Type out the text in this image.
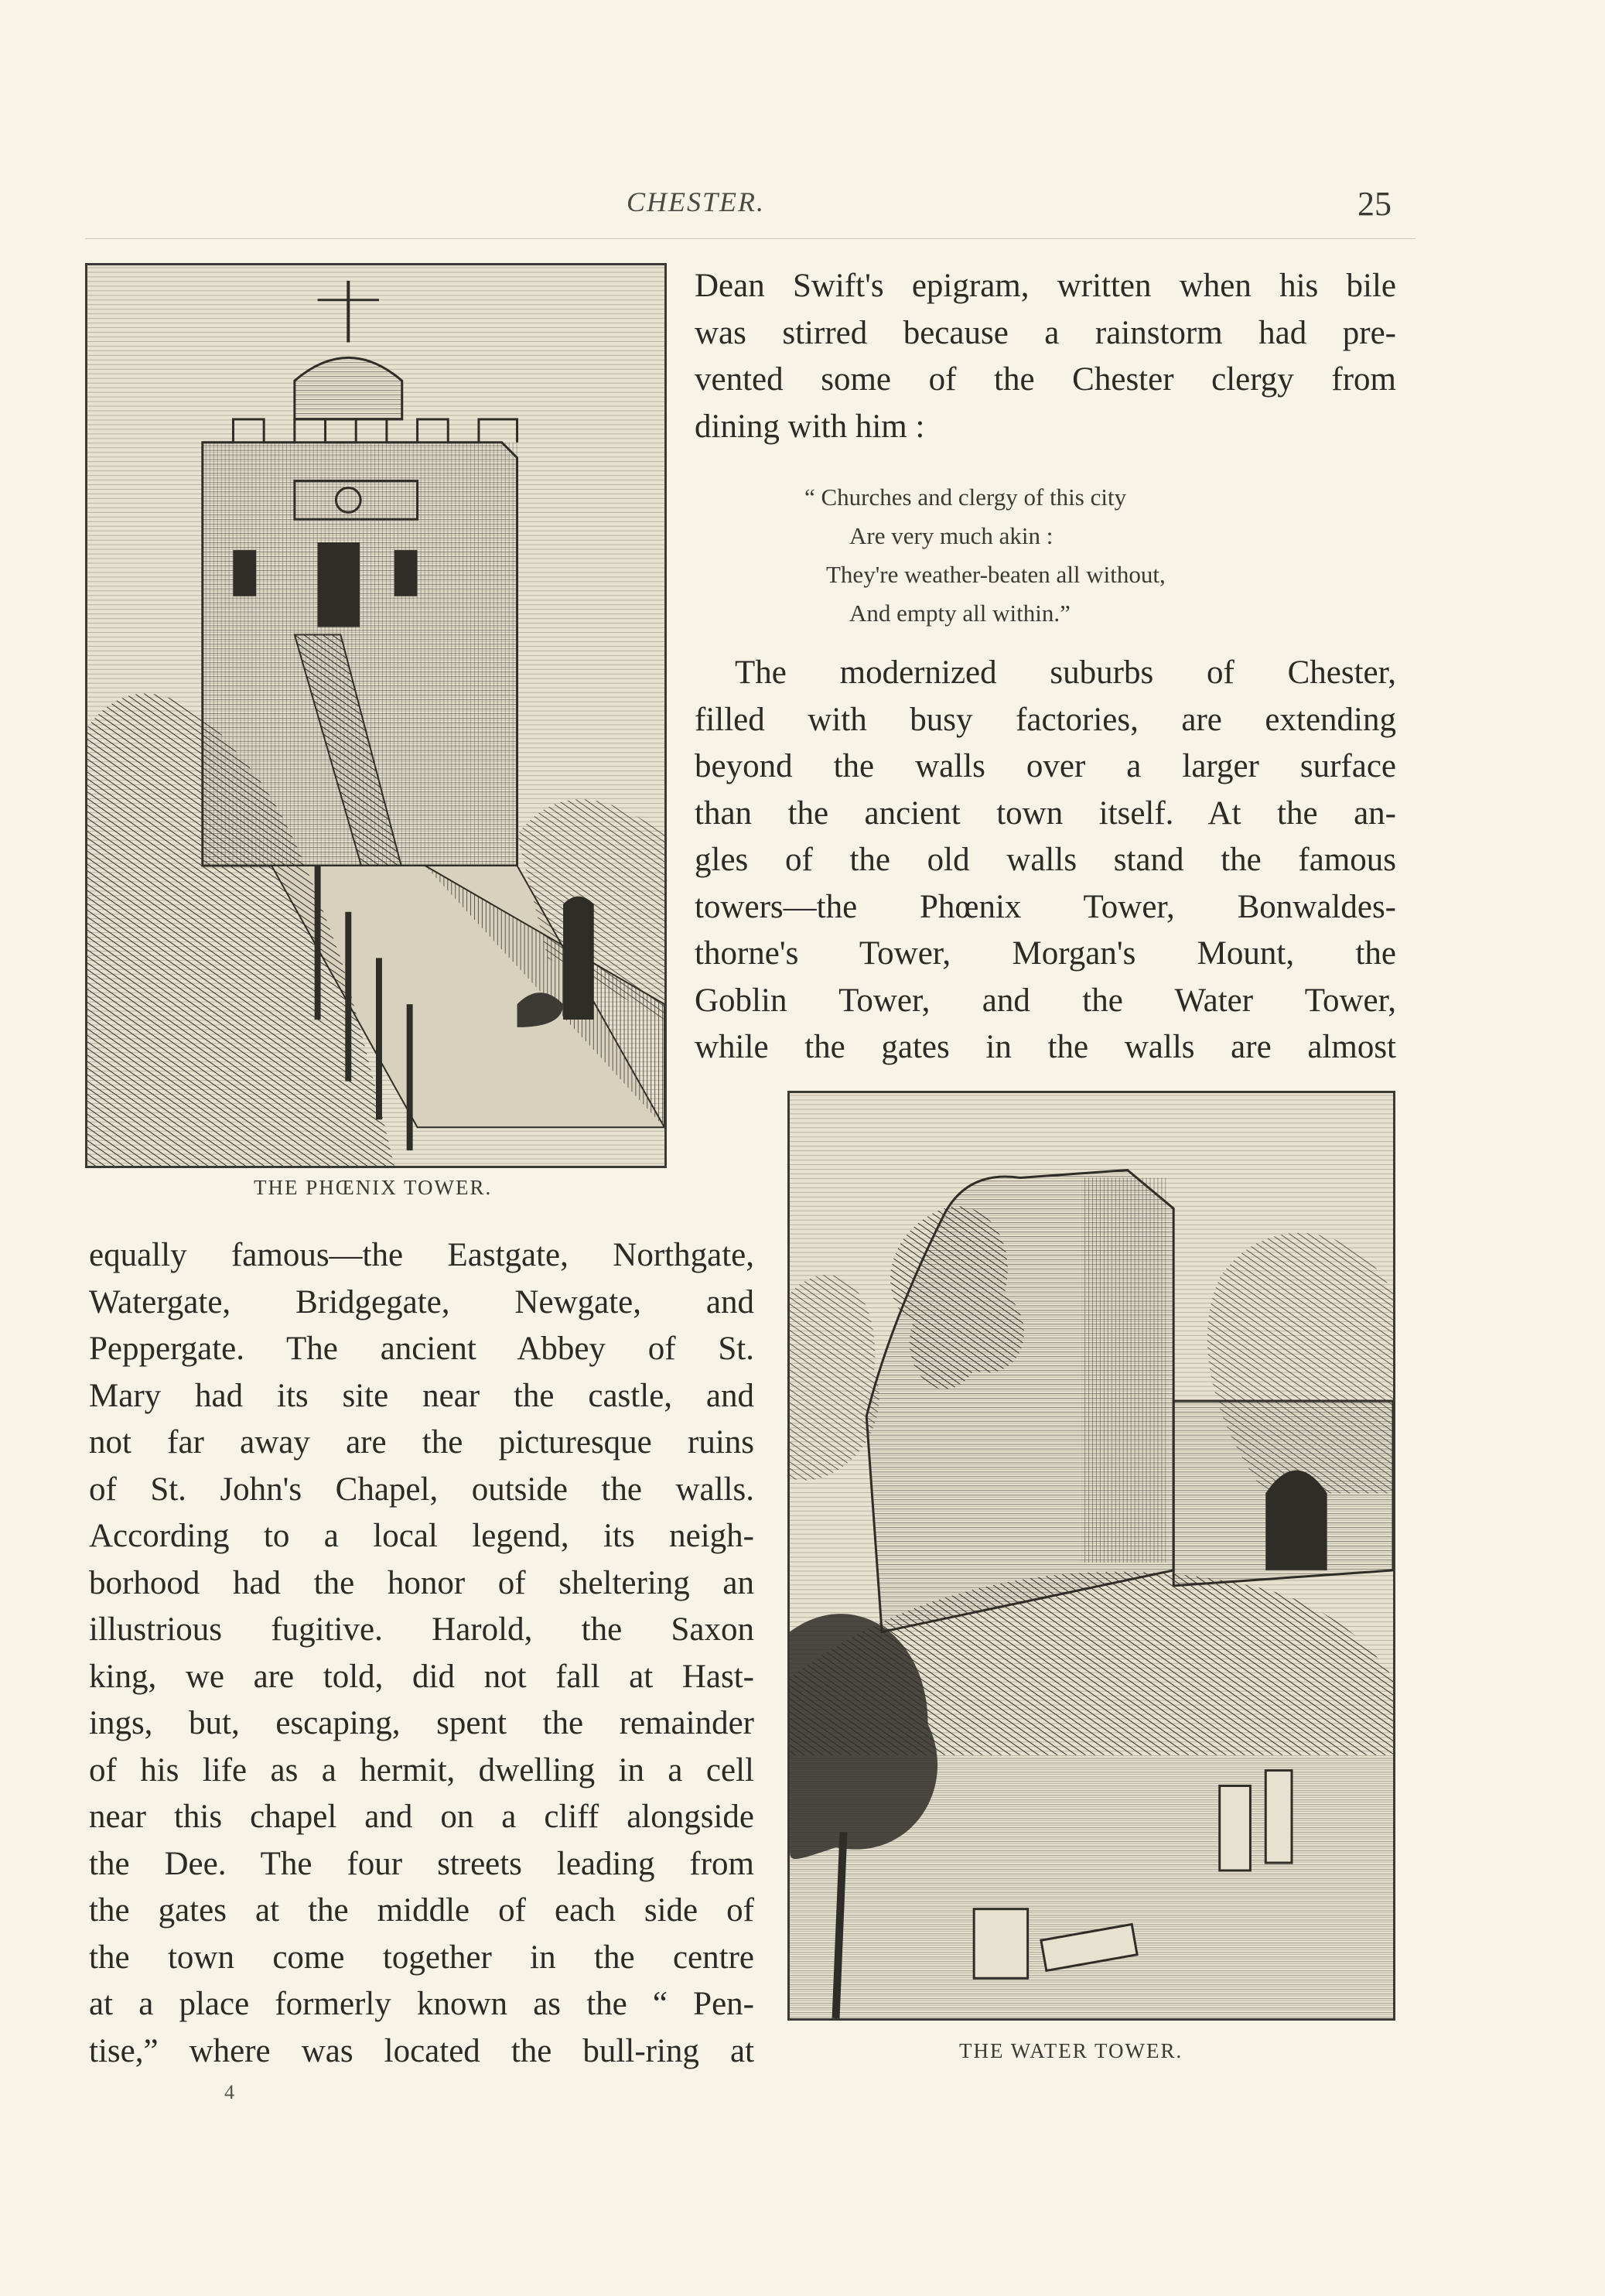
CHESTER.	25
THE PHŒNIX TOWER.
Dean Swift's epigram, written when his bile
was stirred because a rainstorm had pre-
vented some of the Chester clergy from
dining with him :
“ Churches and clergy of this city
Are very much akin :
They're weather-beaten all without,
And empty all within.”
The modernized suburbs of Chester,
filled with busy factories, are extending
beyond the walls over a larger surface
than the ancient town itself. At the an-
gles of the old walls stand the famous
towers—the Phœnix Tower, Bonwaldes-
thorne's Tower, Morgan's Mount, the
Goblin Tower, and the Water Tower,
while the gates in the walls are almost
THE WATER TOWER.
equally famous—the Eastgate, Northgate,
Watergate, Bridgegate, Newgate, and
Peppergate. The ancient Abbey of St.
Mary had its site near the castle, and
not far away are the picturesque ruins
of St. John's Chapel, outside the walls.
According to a local legend, its neigh-
borhood had the honor of sheltering an
illustrious fugitive. Harold, the Saxon
king, we are told, did not fall at Hast-
ings, but, escaping, spent the remainder
of his life as a hermit, dwelling in a cell
near this chapel and on a cliff alongside
the Dee. The four streets leading from
the gates at the middle of each side of
the town come together in the centre
at a place formerly known as the “ Pen-
tise,” where was located the bull-ring at
4
